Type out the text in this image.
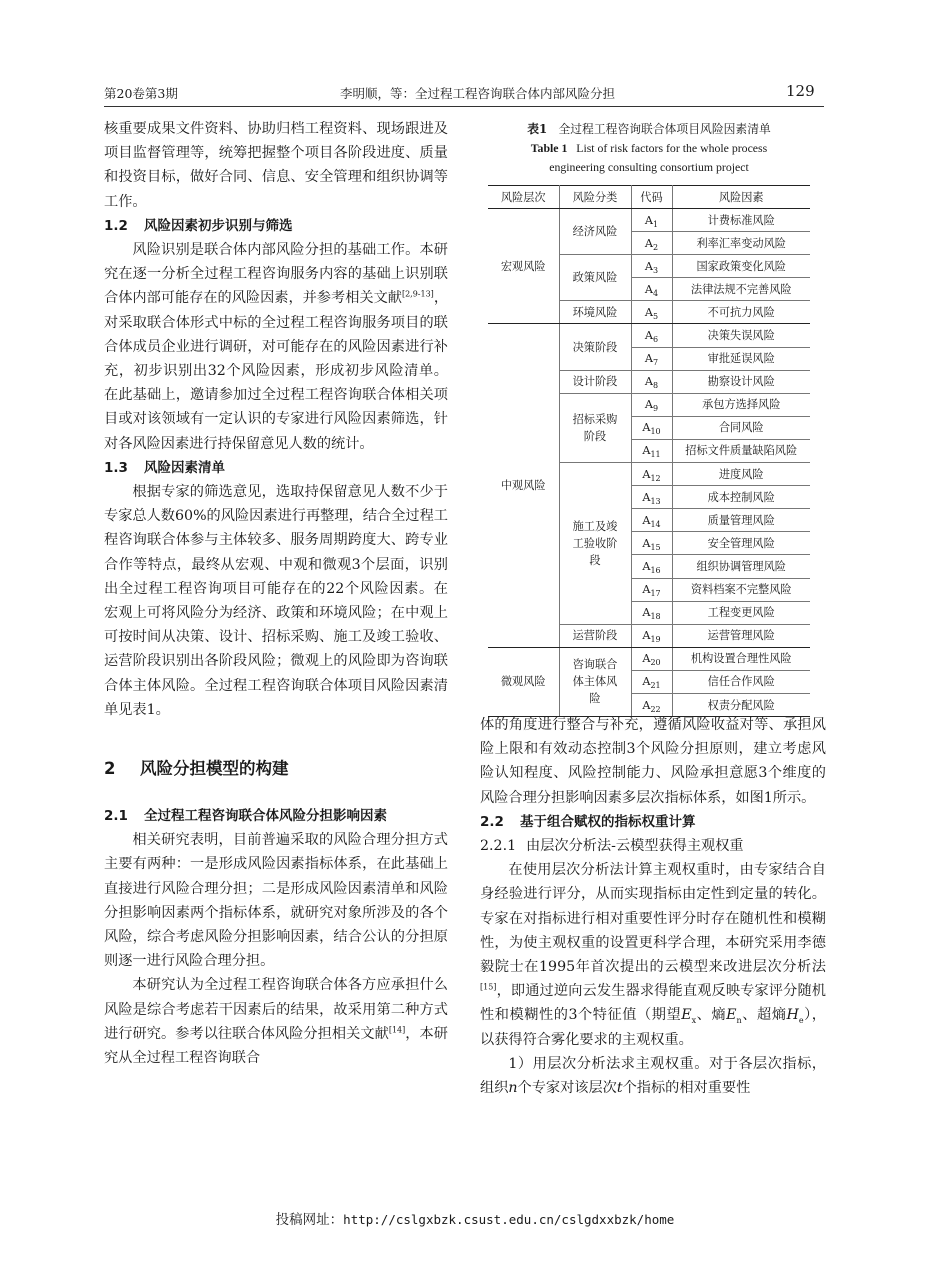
第20卷第3期	李明顺，等：全过程工程咨询联合体内部风险分担	129

核重要成果文件资料、协助归档工程资料、现场跟进及项目监督管理等，统筹把握整个项目各阶段进度、质量和投资目标，做好合同、信息、安全管理和组织协调等工作。

1.2 风险因素初步识别与筛选

风险识别是联合体内部风险分担的基础工作。本研究在逐一分析全过程工程咨询服务内容的基础上识别联合体内部可能存在的风险因素，并参考相关文献[2,9-13]，对采取联合体形式中标的全过程工程咨询服务项目的联合体成员企业进行调研，对可能存在的风险因素进行补充，初步识别出32个风险因素，形成初步风险清单。在此基础上，邀请参加过全过程工程咨询联合体相关项目或对该领域有一定认识的专家进行风险因素筛选，针对各风险因素进行持保留意见人数的统计。

1.3 风险因素清单

根据专家的筛选意见，选取持保留意见人数不少于专家总人数60%的风险因素进行再整理，结合全过程工程咨询联合体参与主体较多、服务周期跨度大、跨专业合作等特点，最终从宏观、中观和微观3个层面，识别出全过程工程咨询项目可能存在的22个风险因素。在宏观上可将风险分为经济、政策和环境风险；在中观上可按时间从决策、设计、招标采购、施工及竣工验收、运营阶段识别出各阶段风险；微观上的风险即为咨询联合体主体风险。全过程工程咨询联合体项目风险因素清单见表1。

2 风险分担模型的构建

2.1 全过程工程咨询联合体风险分担影响因素

相关研究表明，目前普遍采取的风险合理分担方式主要有两种：一是形成风险因素指标体系，在此基础上直接进行风险合理分担；二是形成风险因素清单和风险分担影响因素两个指标体系，就研究对象所涉及的各个风险，综合考虑风险分担影响因素，结合公认的分担原则逐一进行风险合理分担。

本研究认为全过程工程咨询联合体各方应承担什么风险是综合考虑若干因素后的结果，故采用第二种方式进行研究。参考以往联合体风险分担相关文献[14]，本研究从全过程工程咨询联合

表1 全过程工程咨询联合体项目风险因素清单
Table 1 List of risk factors for the whole process
engineering consulting consortium project
风险层次	风险分类	代码	风险因素
宏观风险	经济风险	$A_1$	计费标准风险
		$A_2$	利率汇率变动风险
	政策风险	$A_3$	国家政策变化风险
		$A_4$	法律法规不完善风险
	环境风险	$A_5$	不可抗力风险
中观风险	决策阶段	$A_6$	决策失误风险
		$A_7$	审批延误风险
	设计阶段	$A_8$	勘察设计风险
	招标采购阶段	$A_9$	承包方选择风险
		$A_{10}$	合同风险
		$A_{11}$	招标文件质量缺陷风险
	施工及竣工验收阶段	$A_{12}$	进度风险
		$A_{13}$	成本控制风险
		$A_{14}$	质量管理风险
		$A_{15}$	安全管理风险
		$A_{16}$	组织协调管理风险
		$A_{17}$	资料档案不完整风险
		$A_{18}$	工程变更风险
	运营阶段	$A_{19}$	运营管理风险
微观风险	咨询联合体主体风险	$A_{20}$	机构设置合理性风险
		$A_{21}$	信任合作风险
		$A_{22}$	权责分配风险

体的角度进行整合与补充，遵循风险收益对等、承担风险上限和有效动态控制3个风险分担原则，建立考虑风险认知程度、风险控制能力、风险承担意愿3个维度的风险合理分担影响因素多层次指标体系，如图1所示。

2.2 基于组合赋权的指标权重计算

2.2.1 由层次分析法-云模型获得主观权重

在使用层次分析法计算主观权重时，由专家结合自身经验进行评分，从而实现指标由定性到定量的转化。专家在对指标进行相对重要性评分时存在随机性和模糊性，为使主观权重的设置更科学合理，本研究采用李德毅院士在1995年首次提出的云模型来改进层次分析法[15]，即通过逆向云发生器求得能直观反映专家评分随机性和模糊性的3个特征值（期望$E_x$、熵$E_n$、超熵$H_e$），以获得符合雾化要求的主观权重。

1）用层次分析法求主观权重。对于各层次指标，组织n个专家对该层次t个指标的相对重要性

投稿网址：http://cslgxbzk.csust.edu.cn/cslgdxxbzk/home
